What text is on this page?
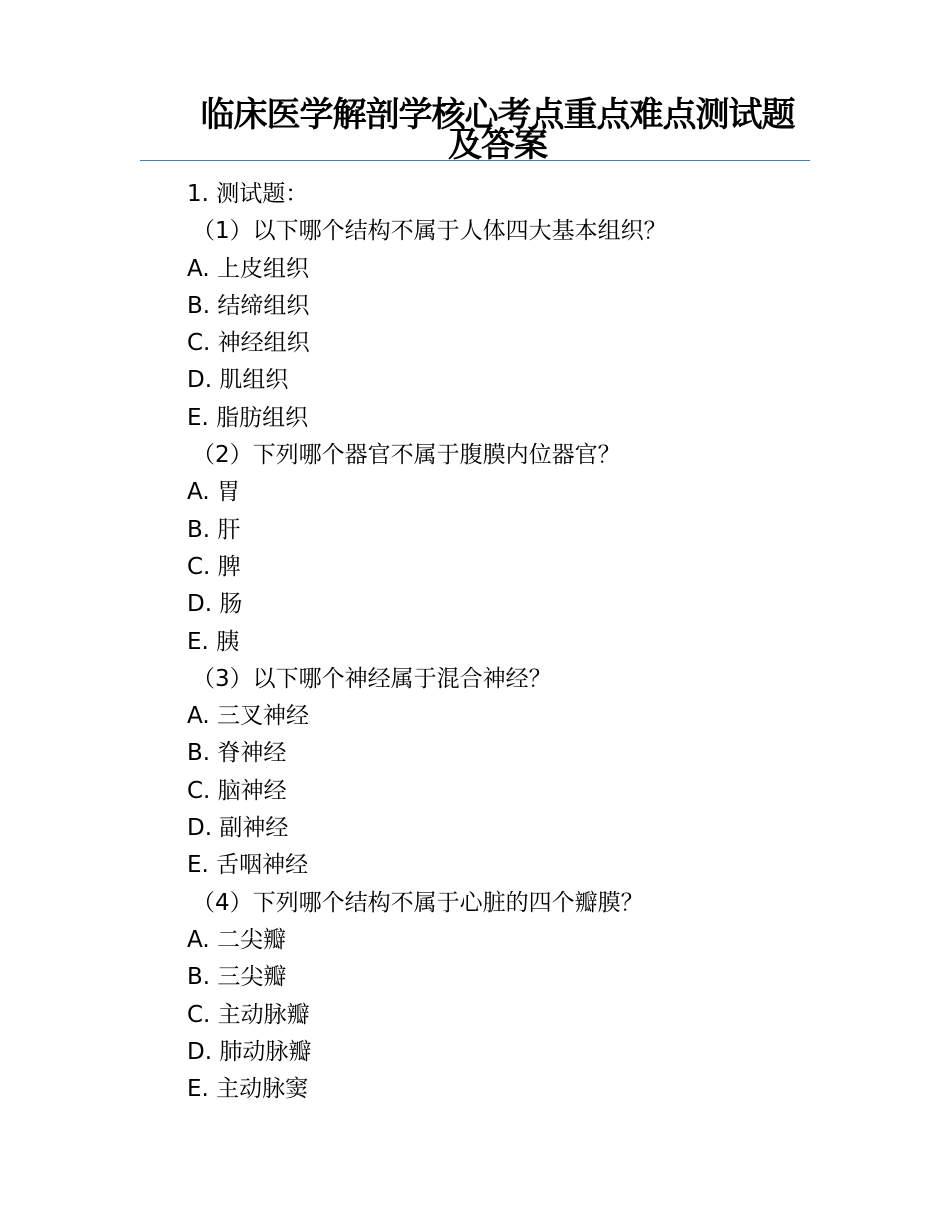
临床医学解剖学核心考点重点难点测试题及答案
1. 测试题：
（1）以下哪个结构不属于人体四大基本组织？
A. 上皮组织
B. 结缔组织
C. 神经组织
D. 肌组织
E. 脂肪组织
（2）下列哪个器官不属于腹膜内位器官？
A. 胃
B. 肝
C. 脾
D. 肠
E. 胰
（3）以下哪个神经属于混合神经？
A. 三叉神经
B. 脊神经
C. 脑神经
D. 副神经
E. 舌咽神经
（4）下列哪个结构不属于心脏的四个瓣膜？
A. 二尖瓣
B. 三尖瓣
C. 主动脉瓣
D. 肺动脉瓣
E. 主动脉窦
